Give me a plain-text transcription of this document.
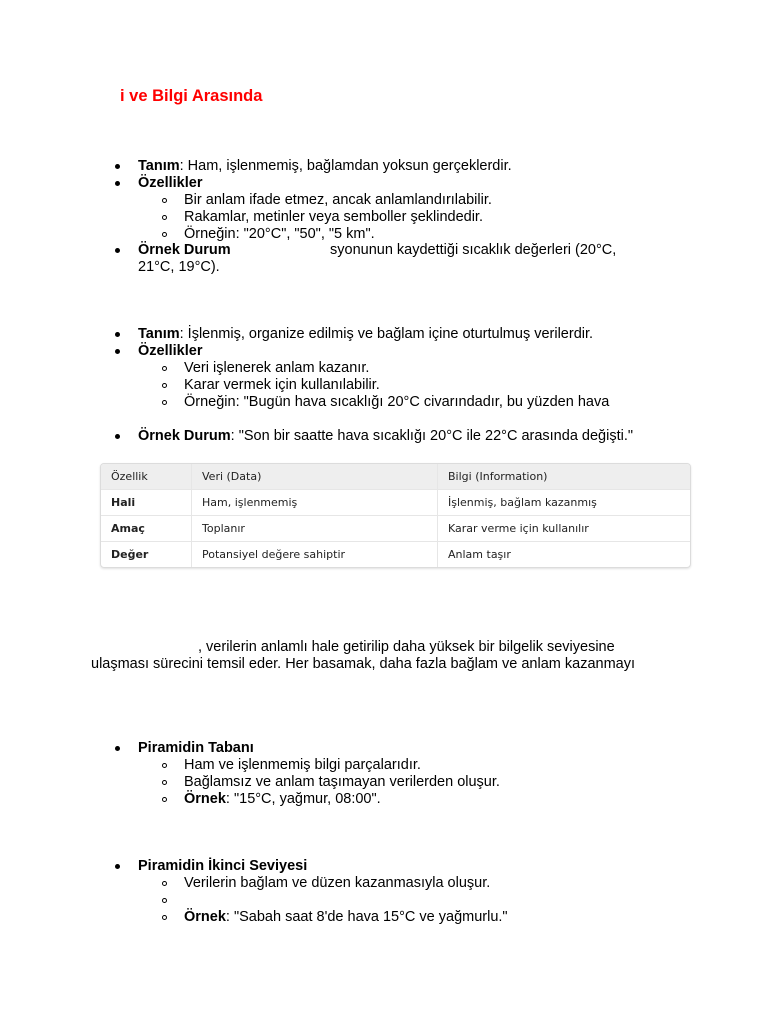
i ve Bilgi Arasında
Tanım: Ham, işlenmemiş, bağlamdan yoksun gerçeklerdir.
Özellikler
Bir anlam ifade etmez, ancak anlamlandırılabilir.
Rakamlar, metinler veya semboller şeklindedir.
Örneğin: "20°C", "50", "5 km".
Örnek Durum	syonunun kaydettiği sıcaklık değerleri (20°C,
21°C, 19°C).
Tanım: İşlenmiş, organize edilmiş ve bağlam içine oturtulmuş verilerdir.
Özellikler
Veri işlenerek anlam kazanır.
Karar vermek için kullanılabilir.
Örneğin: "Bugün hava sıcaklığı 20°C civarındadır, bu yüzden hava
Örnek Durum: "Son bir saatte hava sıcaklığı 20°C ile 22°C arasında değişti."
Özellik	Veri (Data)	Bilgi (Information)
Hali	Ham, işlenmemiş	İşlenmiş, bağlam kazanmış
Amaç	Toplanır	Karar verme için kullanılır
Değer	Potansiyel değere sahiptir	Anlam taşır
, verilerin anlamlı hale getirilip daha yüksek bir bilgelik seviyesine
ulaşması sürecini temsil eder. Her basamak, daha fazla bağlam ve anlam kazanmayı
Piramidin Tabanı
Ham ve işlenmemiş bilgi parçalarıdır.
Bağlamsız ve anlam taşımayan verilerden oluşur.
Örnek: "15°C, yağmur, 08:00".
Piramidin İkinci Seviyesi
Verilerin bağlam ve düzen kazanmasıyla oluşur.
Örnek: "Sabah saat 8'de hava 15°C ve yağmurlu."
